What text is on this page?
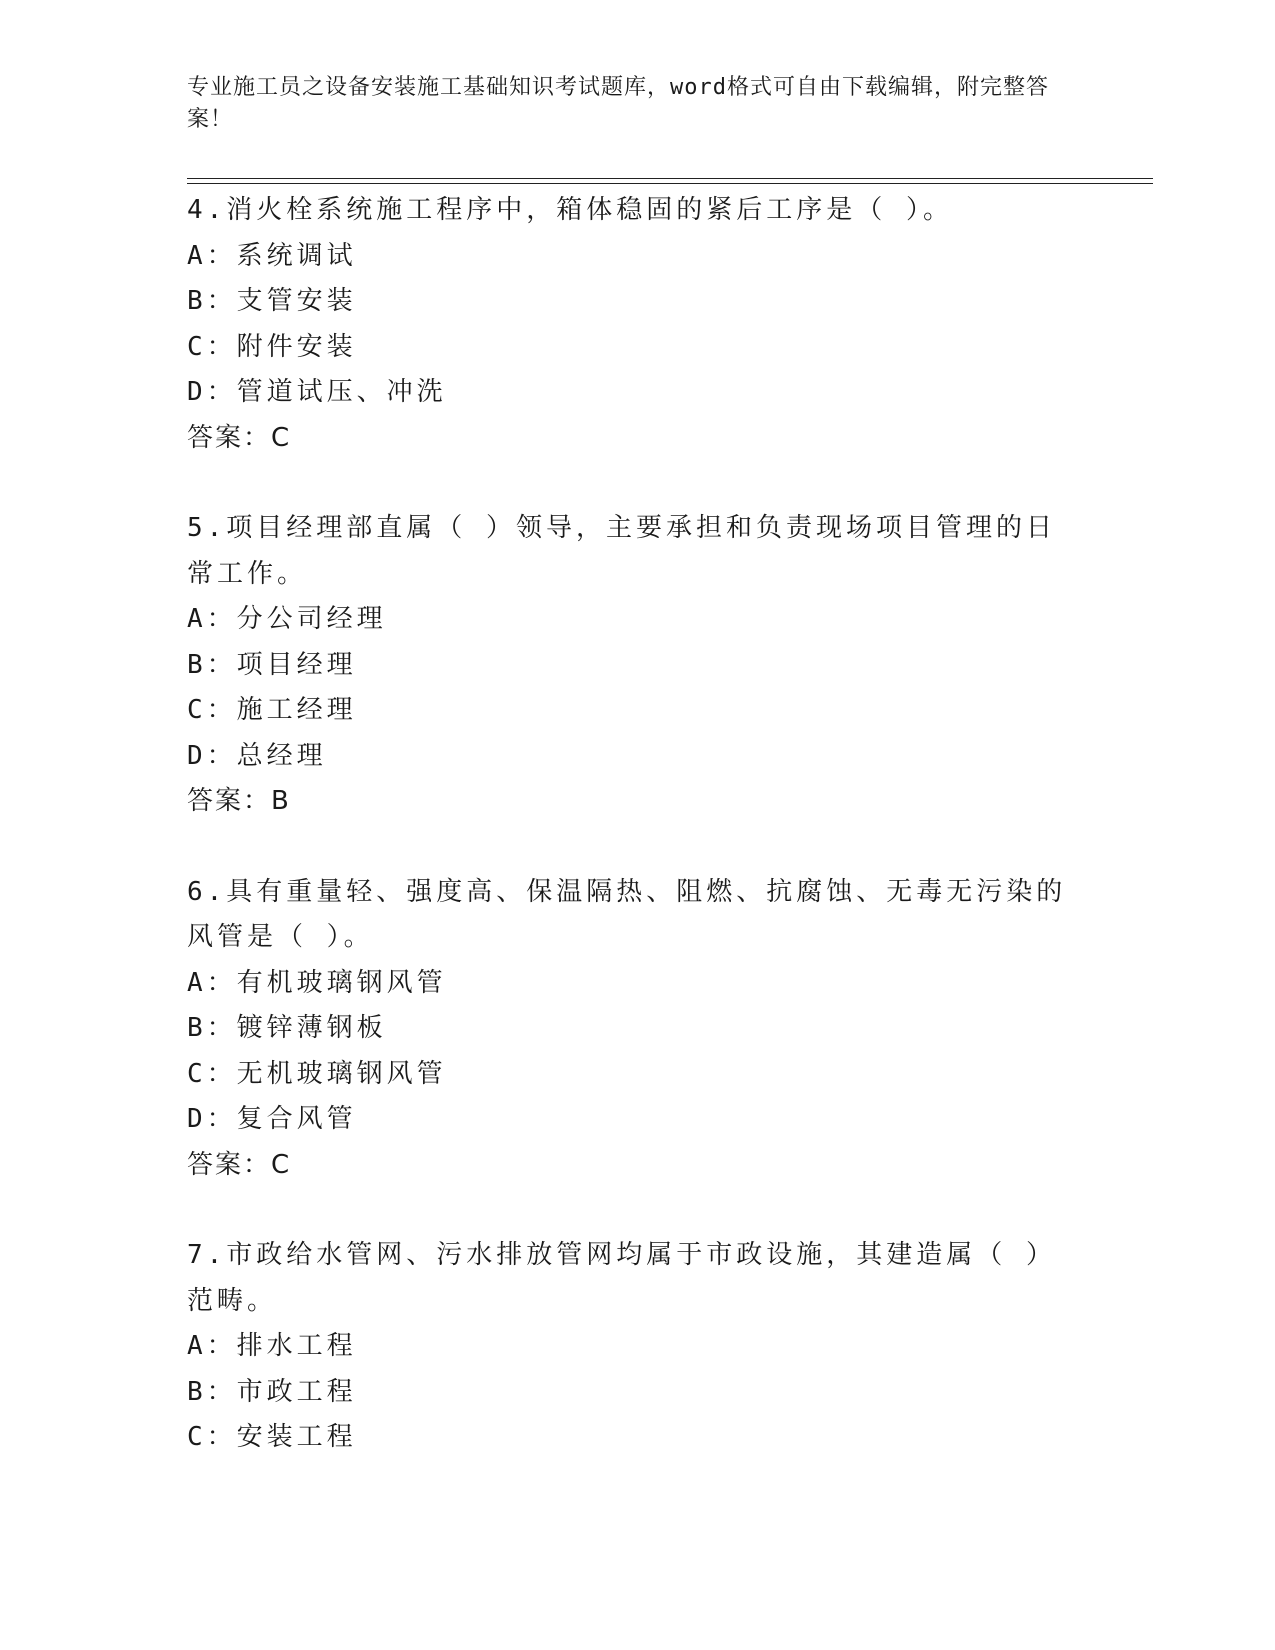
专业施工员之设备安装施工基础知识考试题库，word格式可自由下载编辑，附完整答案！
4.消火栓系统施工程序中，箱体稳固的紧后工序是（ ）。
A：系统调试
B：支管安装
C：附件安装
D：管道试压、冲洗
答案：C
5.项目经理部直属（ ）领导，主要承担和负责现场项目管理的日常工作。
A：分公司经理
B：项目经理
C：施工经理
D：总经理
答案：B
6.具有重量轻、强度高、保温隔热、阻燃、抗腐蚀、无毒无污染的风管是（ ）。
A：有机玻璃钢风管
B：镀锌薄钢板
C：无机玻璃钢风管
D：复合风管
答案：C
7.市政给水管网、污水排放管网均属于市政设施，其建造属（ ）范畴。
A：排水工程
B：市政工程
C：安装工程
